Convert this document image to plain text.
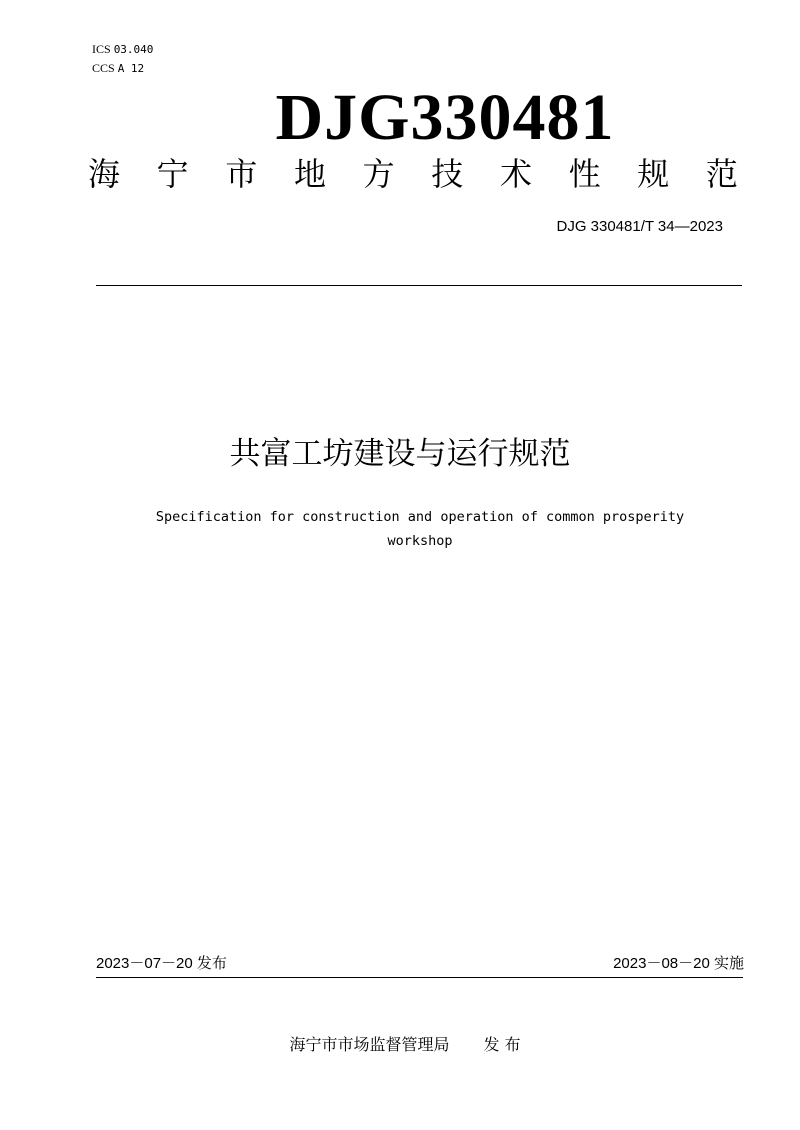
ICS 03.040
CCS A 12
DJG330481
海 宁 市 地 方 技 术 性 规 范
DJG 330481/T 34—2023
共富工坊建设与运行规范
Specification for construction and operation of common prosperity
workshop
2023－07－20 发布	2023－08－20 实施
海宁市市场监督管理局 发 布
